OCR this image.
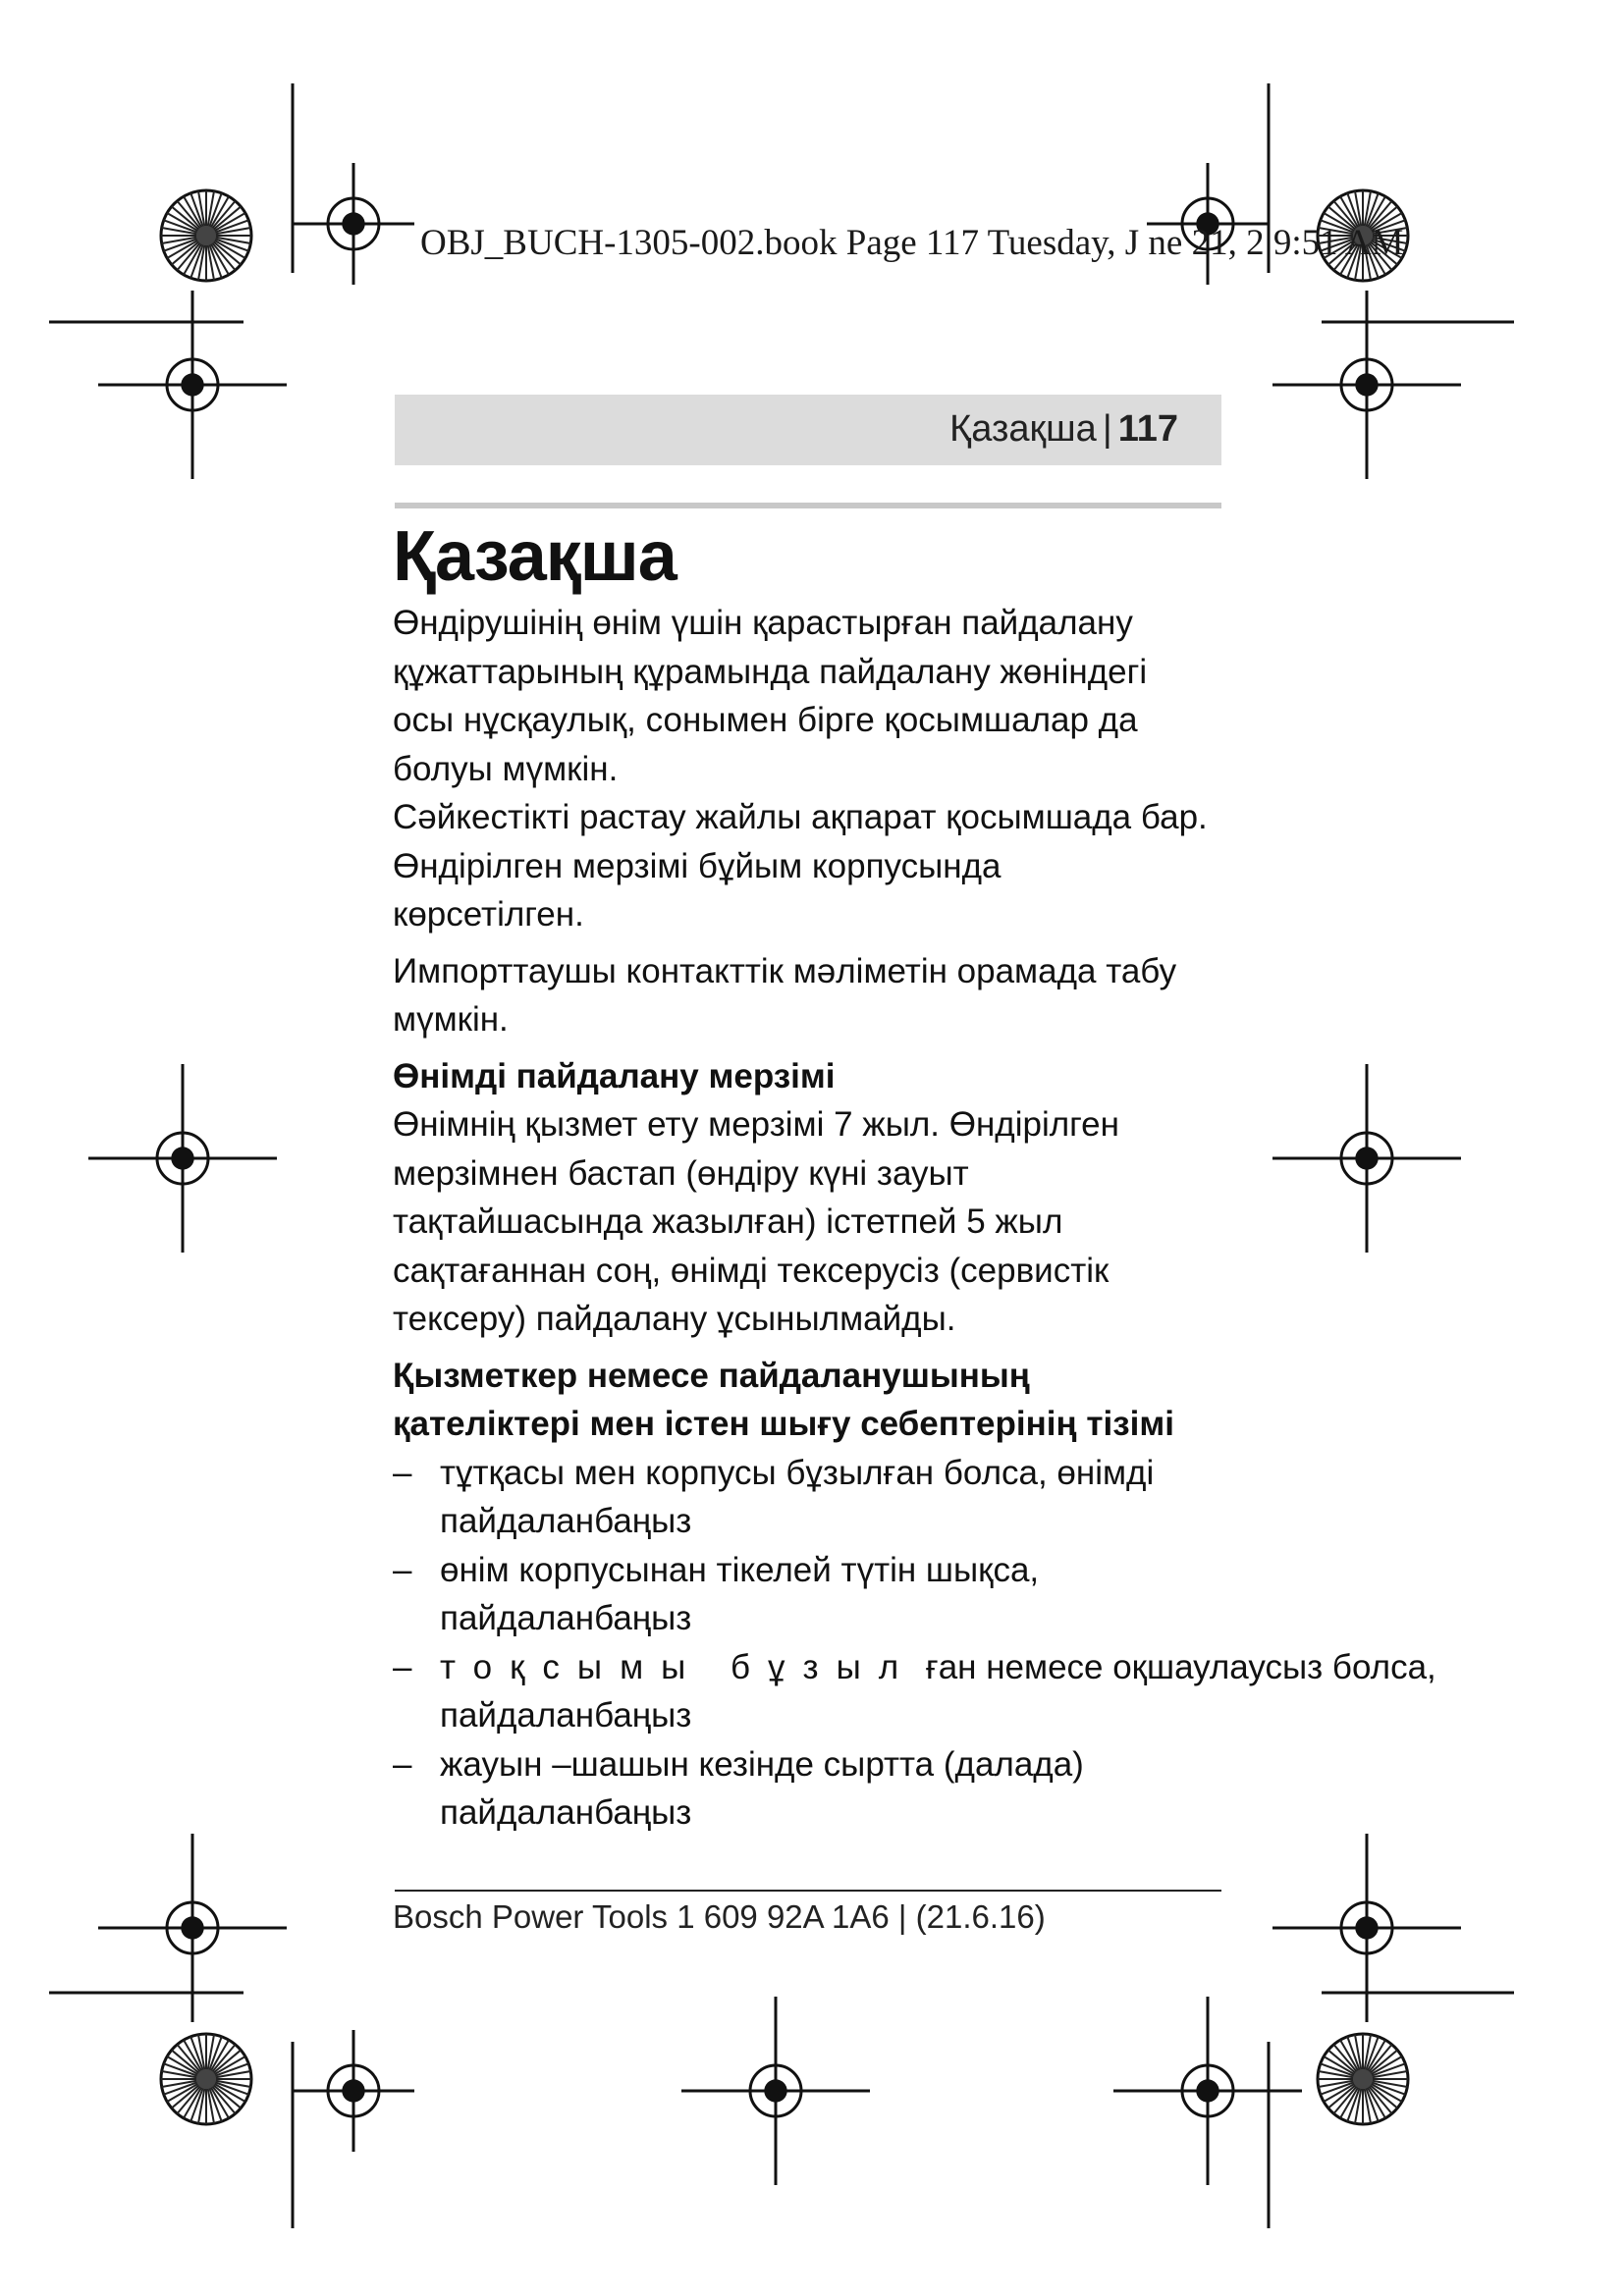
OBJ_BUCH-1305-002.book Page 117 Tuesday, J ne 21, 2 9:51 AM
Қазақша | 117
Қазақша

Өндірушінің өнім үшін қарастырған пайдалану

құжаттарының құрамында пайдалану жөніндегі

осы нұсқаулық, сонымен бірге қосымшалар да

болуы мүмкін.

Сәйкестікті растау жайлы ақпарат қосымшада бар.

Өндірілген мерзімі бұйым корпусында

көрсетілген.

Импорттаушы контакттік мәліметін орамада табу

мүмкін.

Өнімді пайдалану мерзімі

Өнімнің қызмет ету мерзімі 7 жыл. Өндірілген

мерзімнен бастап (өндіру күні зауыт

тақтайшасында жазылған) істетпей 5 жыл

сақтағаннан соң, өнімді тексерусіз (сервистік

тексеру) пайдалану ұсынылмайды.

Қызметкер немесе пайдаланушының
қателіктері мен істен шығу себептерінің тізімі
– тұтқасы мен корпусы бұзылған болса, өнімді
пайдаланбаңыз
– өнім корпусынан тікелей түтін шықса,
пайдаланбаңыз
– тоқсымы бұзыл ған немесе оқшаулаусыз болса,
пайдаланбаңыз
– жауын –шашын кезінде сыртта (далада)
пайдаланбаңыз
Bosch Power Tools 1 609 92A 1A6 | (21.6.16)
